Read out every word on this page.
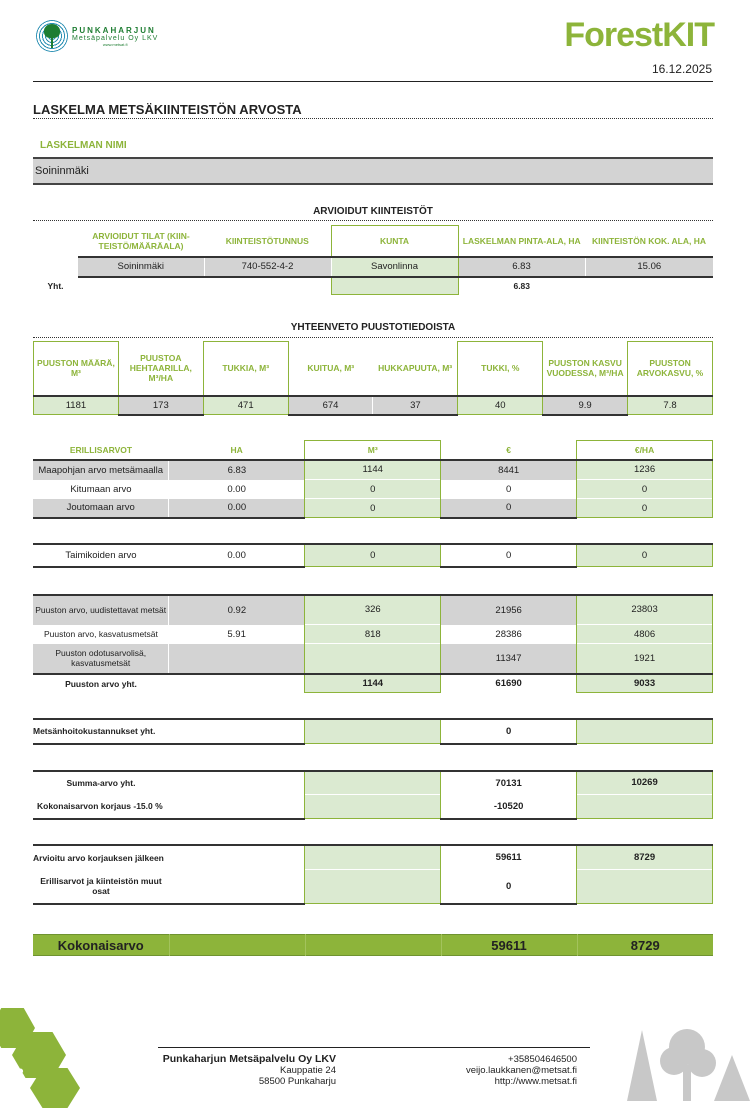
PUNKAHARJUN
Metsäpalvelu Oy LKV
www.metsat.fi	ForestKIT
16.12.2025
LASKELMA METSÄKIINTEISTÖN ARVOSTA
LASKELMAN NIMI
Soininmäki
ARVIOIDUT KIINTEISTÖT
	ARVIOIDUT TILAT (KIIN-TEISTÖ/MÄÄRÄALA)	KIINTEISTÖTUNNUS	KUNTA	LASKELMAN PINTA-ALA, HA	KIINTEISTÖN KOK. ALA, HA
	Soininmäki	740-552-4-2	Savonlinna	6.83	15.06
Yht.				6.83	
YHTEENVETO PUUSTOTIEDOISTA
PUUSTON MÄÄRÄ, M³	PUUSTOA HEHTAARILLA, M³/HA	TUKKIA, M³	KUITUA, M³	HUKKAPUUTA, M³	TUKKI, %	PUUSTON KASVU VUODESSA, M³/HA	PUUSTON ARVOKASVU, %
1181	173	471	674	37	40	9.9	7.8
ERILLISARVOT	HA	M³	€	€/HA
Maapohjan arvo metsämaalla	6.83	1144	8441	1236
Kitumaan arvo	0.00	0	0	0
Joutomaan arvo	0.00	0	0	0

Taimikoiden arvo	0.00	0	0	0

Puuston arvo, uudistettavat metsät	0.92	326	21956	23803
Puuston arvo, kasvatusmetsät	5.91	818	28386	4806
Puuston odotusarvolisä, kasvatusmetsät			11347	1921
Puuston arvo yht.		1144	61690	9033

Metsänhoitokustannukset yht.			0	

Summa-arvo yht.			70131	10269
Kokonaisarvon korjaus -15.0 %			-10520	

Arvioitu arvo korjauksen jälkeen			59611	8729
Erillisarvot ja kiinteistön muut osat			0	
Kokonaisarvo			59611	8729
2
Punkaharjun Metsäpalvelu Oy LKV
Kauppatie 24
58500 Punkaharju
+358504646500
veijo.laukkanen@metsat.fi
http://www.metsat.fi
